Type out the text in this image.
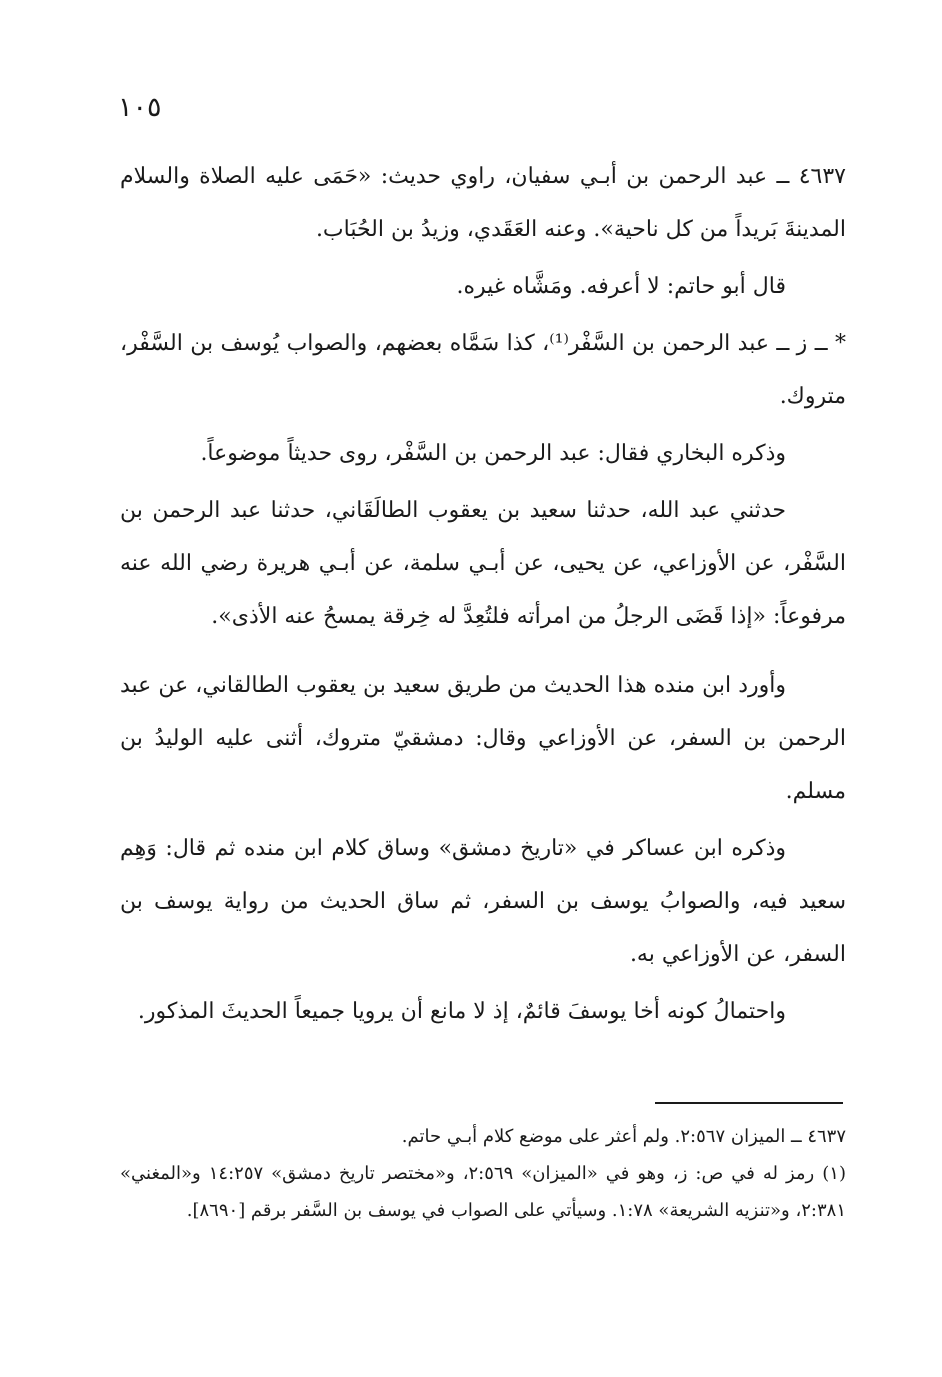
١٠٥

٤٦٣٧ ــ عبد الرحمن بن أبـي سفيان، راوي حديث: «حَمَى عليه الصلاة والسلام المدينةَ بَريداً من كل ناحية». وعنه العَقَدي، وزيدُ بن الحُبَاب.

قال أبو حاتم: لا أعرفه. ومَشَّاه غيره.

* ــ ز ــ عبد الرحمن بن السَّفْر⁽¹⁾، كذا سَمَّاه بعضهم، والصواب يُوسف بن السَّفْر، متروك.

وذكره البخاري فقال: عبد الرحمن بن السَّفْر، روى حديثاً موضوعاً.

حدثني عبد الله، حدثنا سعيد بن يعقوب الطالَقَاني، حدثنا عبد الرحمن بن السَّفْر، عن الأوزاعي، عن يحيى، عن أبـي سلمة، عن أبـي هريرة رضي الله عنه مرفوعاً: «إذا قَضَى الرجلُ من امرأته فلتُعِدَّ له خِرقة يمسحُ عنه الأذى».

وأورد ابن منده هذا الحديث من طريق سعيد بن يعقوب الطالقاني، عن عبد الرحمن بن السفر، عن الأوزاعي وقال: دمشقيّ متروك، أثنى عليه الوليدُ بن مسلم.

وذكره ابن عساكر في «تاريخ دمشق» وساق كلام ابن منده ثم قال: وَهِم سعيد فيه، والصوابُ يوسف بن السفر، ثم ساق الحديث من رواية يوسف بن السفر، عن الأوزاعي به.

واحتمالُ كونه أخا يوسفَ قائمٌ، إذ لا مانع أن يرويا جميعاً الحديثَ المذكور.

٤٦٣٧ ــ الميزان ٢:٥٦٧. ولم أعثر على موضع كلام أبـي حاتم.

(١) رمز له في ص: ز، وهو في «الميزان» ٢:٥٦٩، و«مختصر تاريخ دمشق» ١٤:٢٥٧ و«المغني» ٢:٣٨١، و«تنزيه الشريعة» ١:٧٨. وسيأتي على الصواب في يوسف بن السَّفر برقم [٨٦٩٠].
